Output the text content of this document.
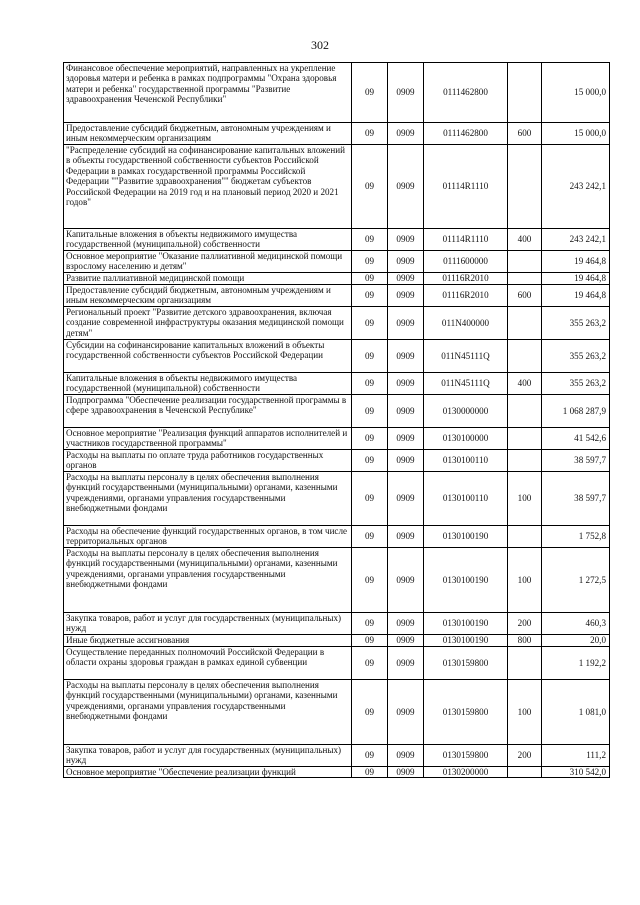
302
Финансовое обеспечение мероприятий, направленных на укрепление здоровья матери и ребенка в рамках подпрограммы "Охрана здоровья матери и ребенка" государственной программы "Развитие здравоохранения Чеченской Республики"	09	0909	0111462800		15 000,0
Предоставление субсидий бюджетным, автономным учреждениям и иным некоммерческим организациям	09	0909	0111462800	600	15 000,0
"Распределение субсидий на софинансирование капитальных вложений в объекты государственной собственности субъектов Российской Федерации в рамках государственной программы Российской Федерации ""Развитие здравоохранения"" бюджетам субъектов Российской Федерации на 2019 год и на плановый период 2020 и 2021 годов"	09	0909	01114R1110		243 242,1
Капитальные вложения в объекты недвижимого имущества государственной (муниципальной) собственности	09	0909	01114R1110	400	243 242,1
Основное мероприятие "Оказание паллиативной медицинской помощи взрослому населению и детям"	09	0909	0111600000		19 464,8
Развитие паллиативной медицинской помощи	09	0909	01116R2010		19 464,8
Предоставление субсидий бюджетным, автономным учреждениям и иным некоммерческим организациям	09	0909	01116R2010	600	19 464,8
Региональный проект "Развитие детского здравоохранения, включая создание современной инфраструктуры оказания медицинской помощи детям"	09	0909	011N400000		355 263,2
Субсидии на софинансирование капитальных вложений в объекты государственной собственности субъектов Российской Федерации	09	0909	011N45111Q		355 263,2
Капитальные вложения в объекты недвижимого имущества государственной (муниципальной) собственности	09	0909	011N45111Q	400	355 263,2
Подпрограмма "Обеспечение реализации государственной программы в сфере здравоохранения в Чеченской Республике"	09	0909	0130000000		1 068 287,9
Основное мероприятие "Реализация функций аппаратов исполнителей и участников государственной программы"	09	0909	0130100000		41 542,6
Расходы на выплаты по оплате труда работников государственных органов	09	0909	0130100110		38 597,7
Расходы на выплаты персоналу в целях обеспечения выполнения функций государственными (муниципальными) органами, казенными учреждениями, органами управления государственными внебюджетными фондами	09	0909	0130100110	100	38 597,7
Расходы на обеспечение функций государственных органов, в том числе территориальных органов	09	0909	0130100190		1 752,8
Расходы на выплаты персоналу в целях обеспечения выполнения функций государственными (муниципальными) органами, казенными учреждениями, органами управления государственными внебюджетными фондами	09	0909	0130100190	100	1 272,5
Закупка товаров, работ и услуг для государственных (муниципальных) нужд	09	0909	0130100190	200	460,3
Иные бюджетные ассигнования	09	0909	0130100190	800	20,0
Осуществление переданных полномочий Российской Федерации в области охраны здоровья граждан в рамках единой субвенции	09	0909	0130159800		1 192,2
Расходы на выплаты персоналу в целях обеспечения выполнения функций государственными (муниципальными) органами, казенными учреждениями, органами управления государственными внебюджетными фондами	09	0909	0130159800	100	1 081,0
Закупка товаров, работ и услуг для государственных (муниципальных) нужд	09	0909	0130159800	200	111,2
Основное мероприятие "Обеспечение реализации функций	09	0909	0130200000		310 542,0
